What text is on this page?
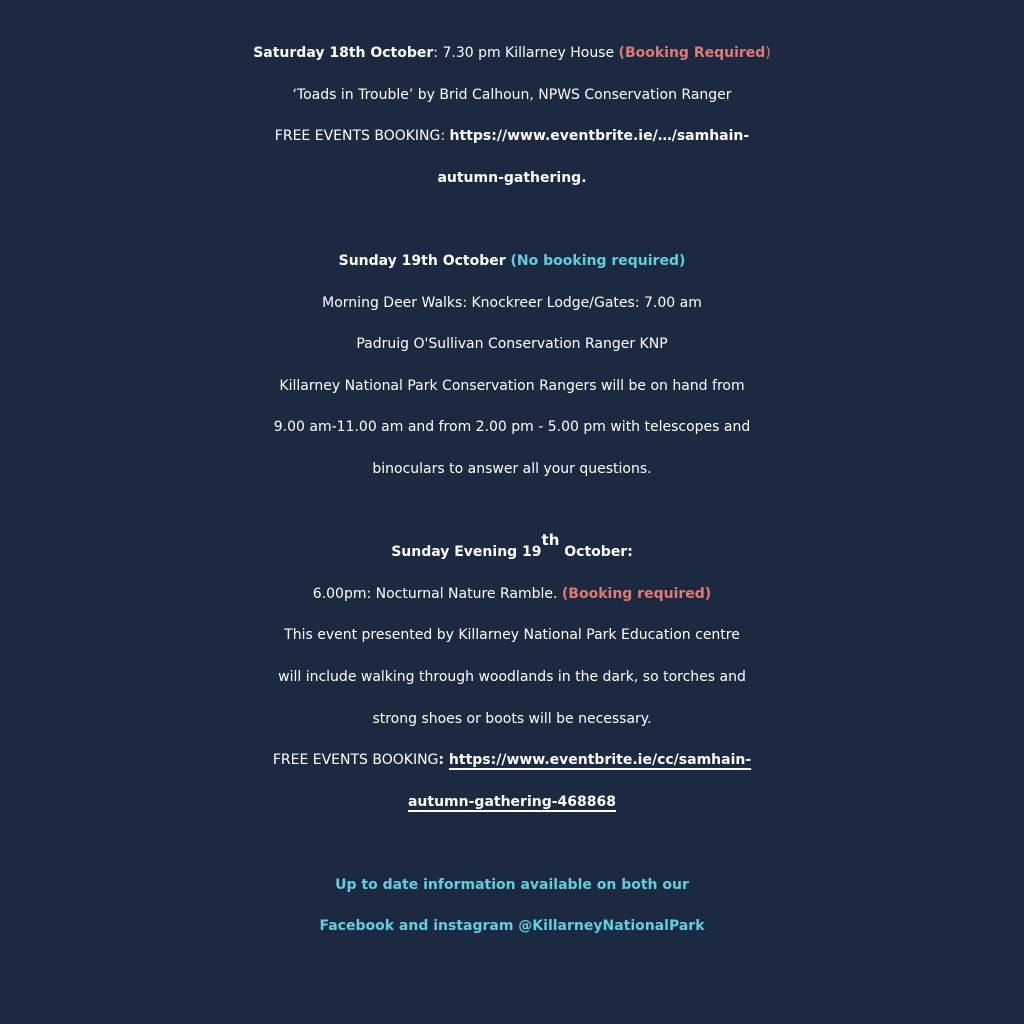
Saturday 18th October: 7.30 pm Killarney House (Booking Required)

‘Toads in Trouble’ by Brid Calhoun, NPWS Conservation Ranger

FREE EVENTS BOOKING: https://www.eventbrite.ie/…/samhain-

autumn-gathering.

Sunday 19th October (No booking required)

Morning Deer Walks: Knockreer Lodge/Gates: 7.00 am

Padruig O'Sullivan Conservation Ranger KNP

Killarney National Park Conservation Rangers will be on hand from

9.00 am-11.00 am and from 2.00 pm - 5.00 pm with telescopes and

binoculars to answer all your questions.

Sunday Evening 19th October:

6.00pm: Nocturnal Nature Ramble. (Booking required)

This event presented by Killarney National Park Education centre

will include walking through woodlands in the dark, so torches and

strong shoes or boots will be necessary.

FREE EVENTS BOOKING: https://www.eventbrite.ie/cc/samhain-

autumn-gathering-468868

Up to date information available on both our

Facebook and instagram @KillarneyNationalPark
